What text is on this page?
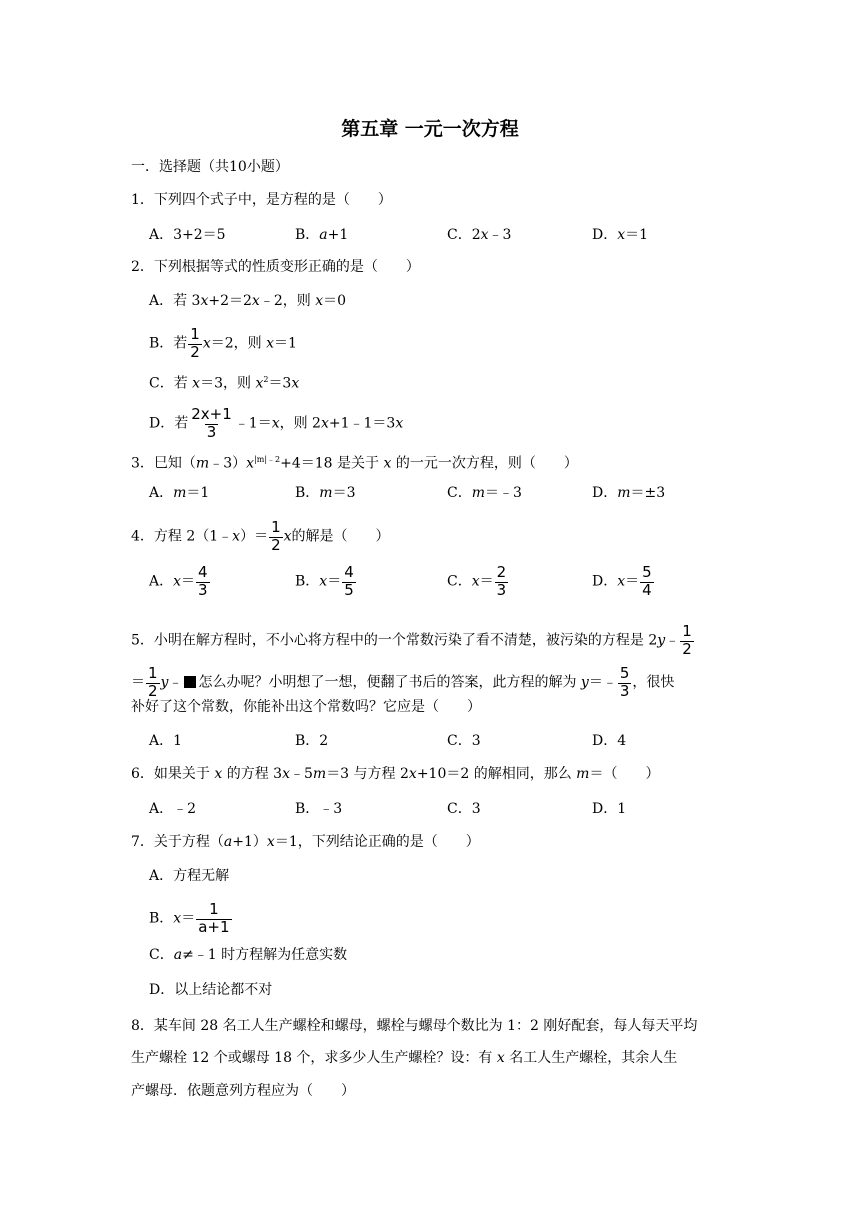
第五章 一元一次方程
一．选择题（共10小题）
1．下列四个式子中，是方程的是（　　）
A．3+2＝5	B．a+1	C．2x﹣3	D．x＝1
2．下列根据等式的性质变形正确的是（　　）
A．若 3x+2＝2x﹣2，则 x＝0
B．若 $\frac{1}{2} x=2$，则 x＝1
C．若 x＝3，则 $x^2=3x$
D．若 $\frac{2x+1}{3}$ ﹣1＝x，则 2x+1﹣1＝3x
3．巳知$(m﹣3)x^{|m|﹣2}+4=18$ 是关于 x 的一元一次方程，则（　　）
A．m＝1	B．m＝3	C．m＝﹣3	D．m＝±3
4．方程 2（1﹣x）＝ $\frac{1}{2}$ x的解是（　　）
A．$x= \frac{4}{3}$	B．$x= \frac{4}{5}$	C．$x= \frac{2}{3}$	D．$x= \frac{5}{4}$
5．小明在解方程时，不小心将方程中的一个常数污染了看不清楚，被污染的方程是 2y﹣ $\frac{1}{2}$
＝ $\frac{1}{2}$ y﹣ 怎么办呢？小明想了一想，便翻了书后的答案，此方程的解为 y＝﹣ $\frac{5}{3}$ ，很快
补好了这个常数，你能补出这个常数吗？它应是（　　）
A．1	B．2	C．3	D．4
6．如果关于 x 的方程 3x﹣5m＝3 与方程 2x+10＝2 的解相同，那么 m＝（　　）
A．﹣2	B．﹣3	C．3	D．1
7．关于方程（a+1）x＝1，下列结论正确的是（　　）
A．方程无解
B．$x= \frac{1}{a+1}$
C．a≠﹣1 时方程解为任意实数
D．以上结论都不对
8．某车间 28 名工人生产螺栓和螺母，螺栓与螺母个数比为 1：2 刚好配套，每人每天平均
生产螺栓 12 个或螺母 18 个，求多少人生产螺栓？设：有 x 名工人生产螺栓，其余人生
产螺母．依题意列方程应为（　　）
